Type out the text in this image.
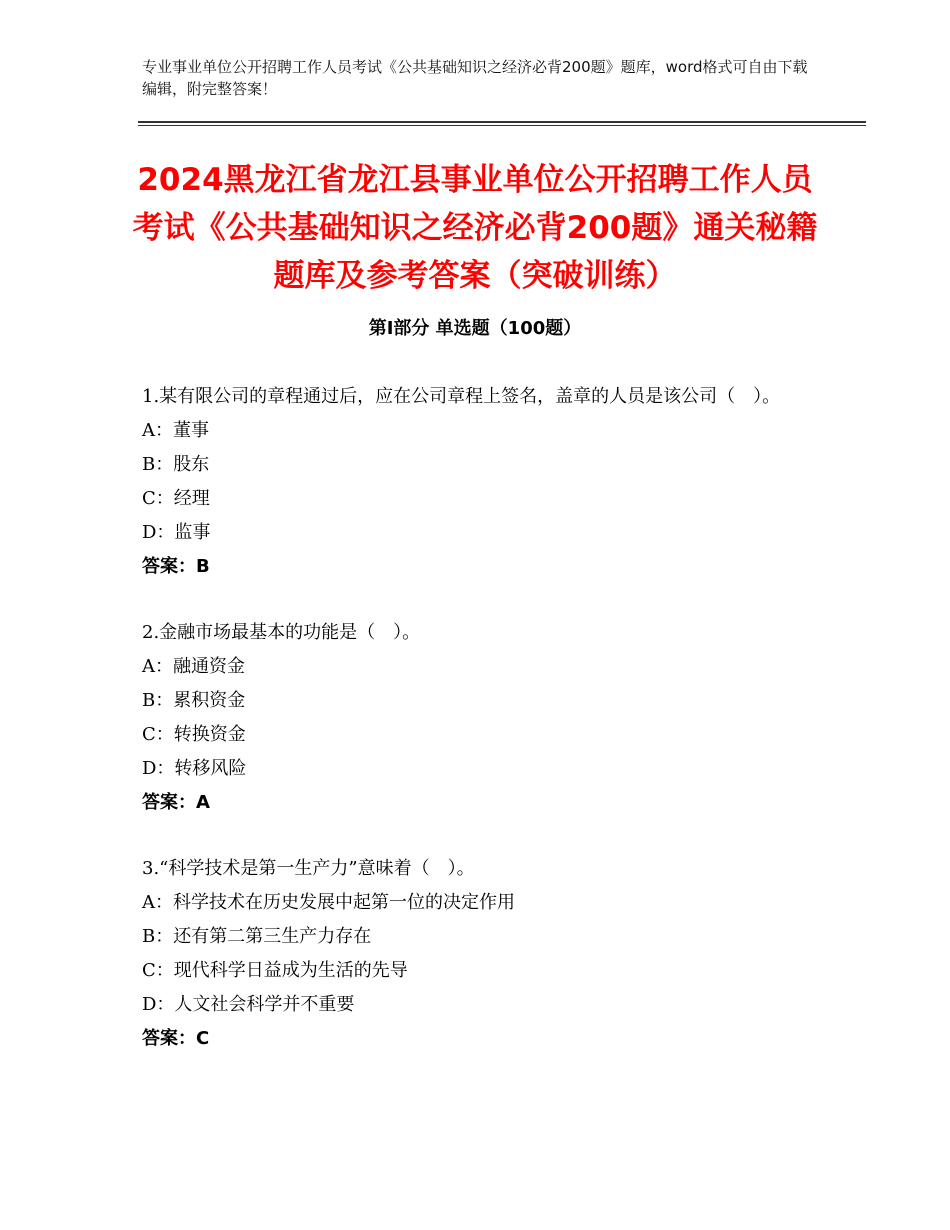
专业事业单位公开招聘工作人员考试《公共基础知识之经济必背200题》题库，word格式可自由下载编辑，附完整答案！
2024黑龙江省龙江县事业单位公开招聘工作人员考试《公共基础知识之经济必背200题》通关秘籍题库及参考答案（突破训练）
第Ⅰ部分 单选题（100题）
1.某有限公司的章程通过后，应在公司章程上签名，盖章的人员是该公司（　）。
A：董事
B：股东
C：经理
D：监事
答案：B
2.金融市场最基本的功能是（　）。
A：融通资金
B：累积资金
C：转换资金
D：转移风险
答案：A
3.“科学技术是第一生产力”意味着（　）。
A：科学技术在历史发展中起第一位的决定作用
B：还有第二第三生产力存在
C：现代科学日益成为生活的先导
D：人文社会科学并不重要
答案：C
